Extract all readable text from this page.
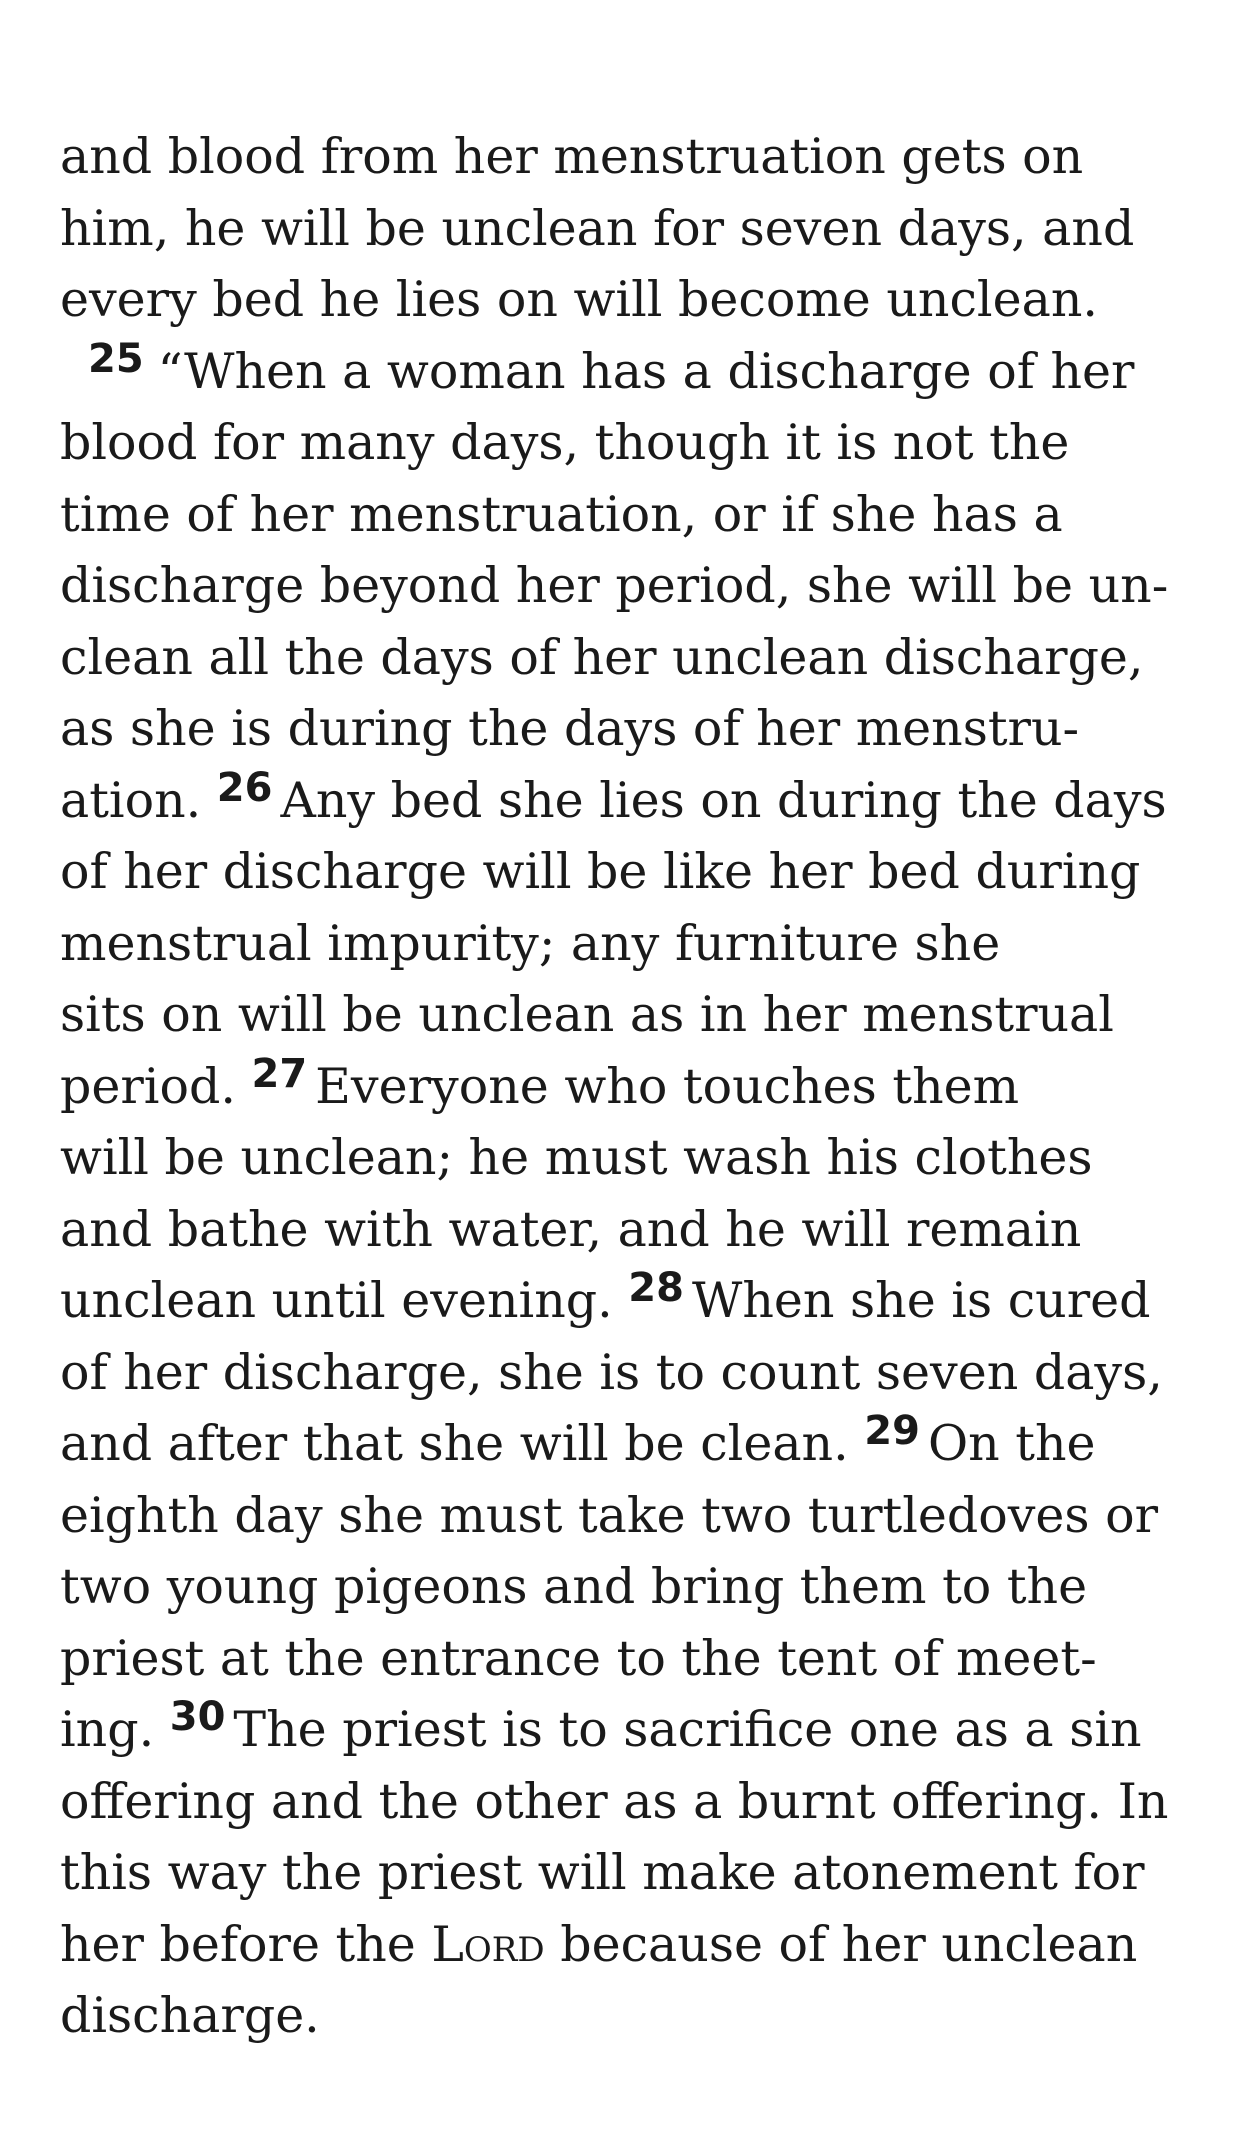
and blood from her menstruation gets on
him, he will be unclean for seven days, and
every bed he lies on will become unclean.
$^{25}$ “When a woman has a discharge of her
blood for many days, though it is not the
time of her menstruation, or if she has a
discharge beyond her period, she will be un-
clean all the days of her unclean discharge,
as she is during the days of her menstru-
ation. $^{26}$ Any bed she lies on during the days
of her discharge will be like her bed during
menstrual impurity; any furniture she
sits on will be unclean as in her menstrual
period. $^{27}$ Everyone who touches them
will be unclean; he must wash his clothes
and bathe with water, and he will remain
unclean until evening. $^{28}$ When she is cured
of her discharge, she is to count seven days,
and after that she will be clean. $^{29}$ On the
eighth day she must take two turtledoves or
two young pigeons and bring them to the
priest at the entrance to the tent of meet-
ing. $^{30}$ The priest is to sacrifice one as a sin
offering and the other as a burnt offering. In
this way the priest will make atonement for
her before the Lord because of her unclean
discharge.
